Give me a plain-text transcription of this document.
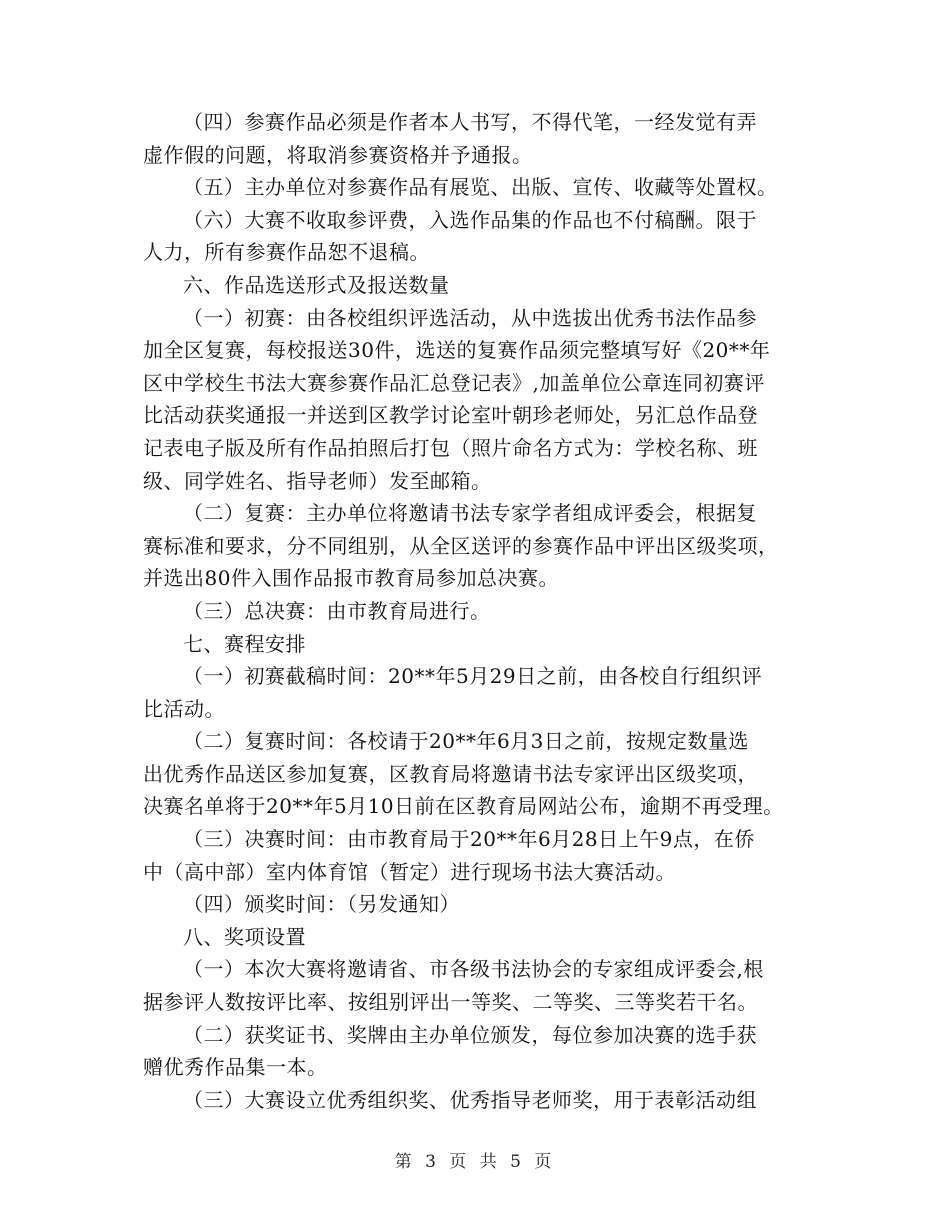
（四）参赛作品必须是作者本人书写，不得代笔，一经发觉有弄
虚作假的问题，将取消参赛资格并予通报。
（五）主办单位对参赛作品有展览、出版、宣传、收藏等处置权。
（六）大赛不收取参评费，入选作品集的作品也不付稿酬。限于
人力，所有参赛作品恕不退稿。
六、作品选送形式及报送数量
（一）初赛：由各校组织评选活动，从中选拔出优秀书法作品参
加全区复赛，每校报送30件，选送的复赛作品须完整填写好《20**年
区中学校生书法大赛参赛作品汇总登记表》,加盖单位公章连同初赛评
比活动获奖通报一并送到区教学讨论室叶朝珍老师处，另汇总作品登
记表电子版及所有作品拍照后打包（照片命名方式为：学校名称、班
级、同学姓名、指导老师）发至邮箱。
（二）复赛：主办单位将邀请书法专家学者组成评委会，根据复
赛标准和要求，分不同组别，从全区送评的参赛作品中评出区级奖项，
并选出80件入围作品报市教育局参加总决赛。
（三）总决赛：由市教育局进行。
七、赛程安排
（一）初赛截稿时间：20**年5月29日之前，由各校自行组织评
比活动。
（二）复赛时间：各校请于20**年6月3日之前，按规定数量选
出优秀作品送区参加复赛，区教育局将邀请书法专家评出区级奖项，
决赛名单将于20**年5月10日前在区教育局网站公布，逾期不再受理。
（三）决赛时间：由市教育局于20**年6月28日上午9点，在侨
中（高中部）室内体育馆（暂定）进行现场书法大赛活动。
（四）颁奖时间：（另发通知）
八、奖项设置
（一）本次大赛将邀请省、市各级书法协会的专家组成评委会,根
据参评人数按评比率、按组别评出一等奖、二等奖、三等奖若干名。
（二）获奖证书、奖牌由主办单位颁发，每位参加决赛的选手获
赠优秀作品集一本。
（三）大赛设立优秀组织奖、优秀指导老师奖，用于表彰活动组
第 3 页 共 5 页
